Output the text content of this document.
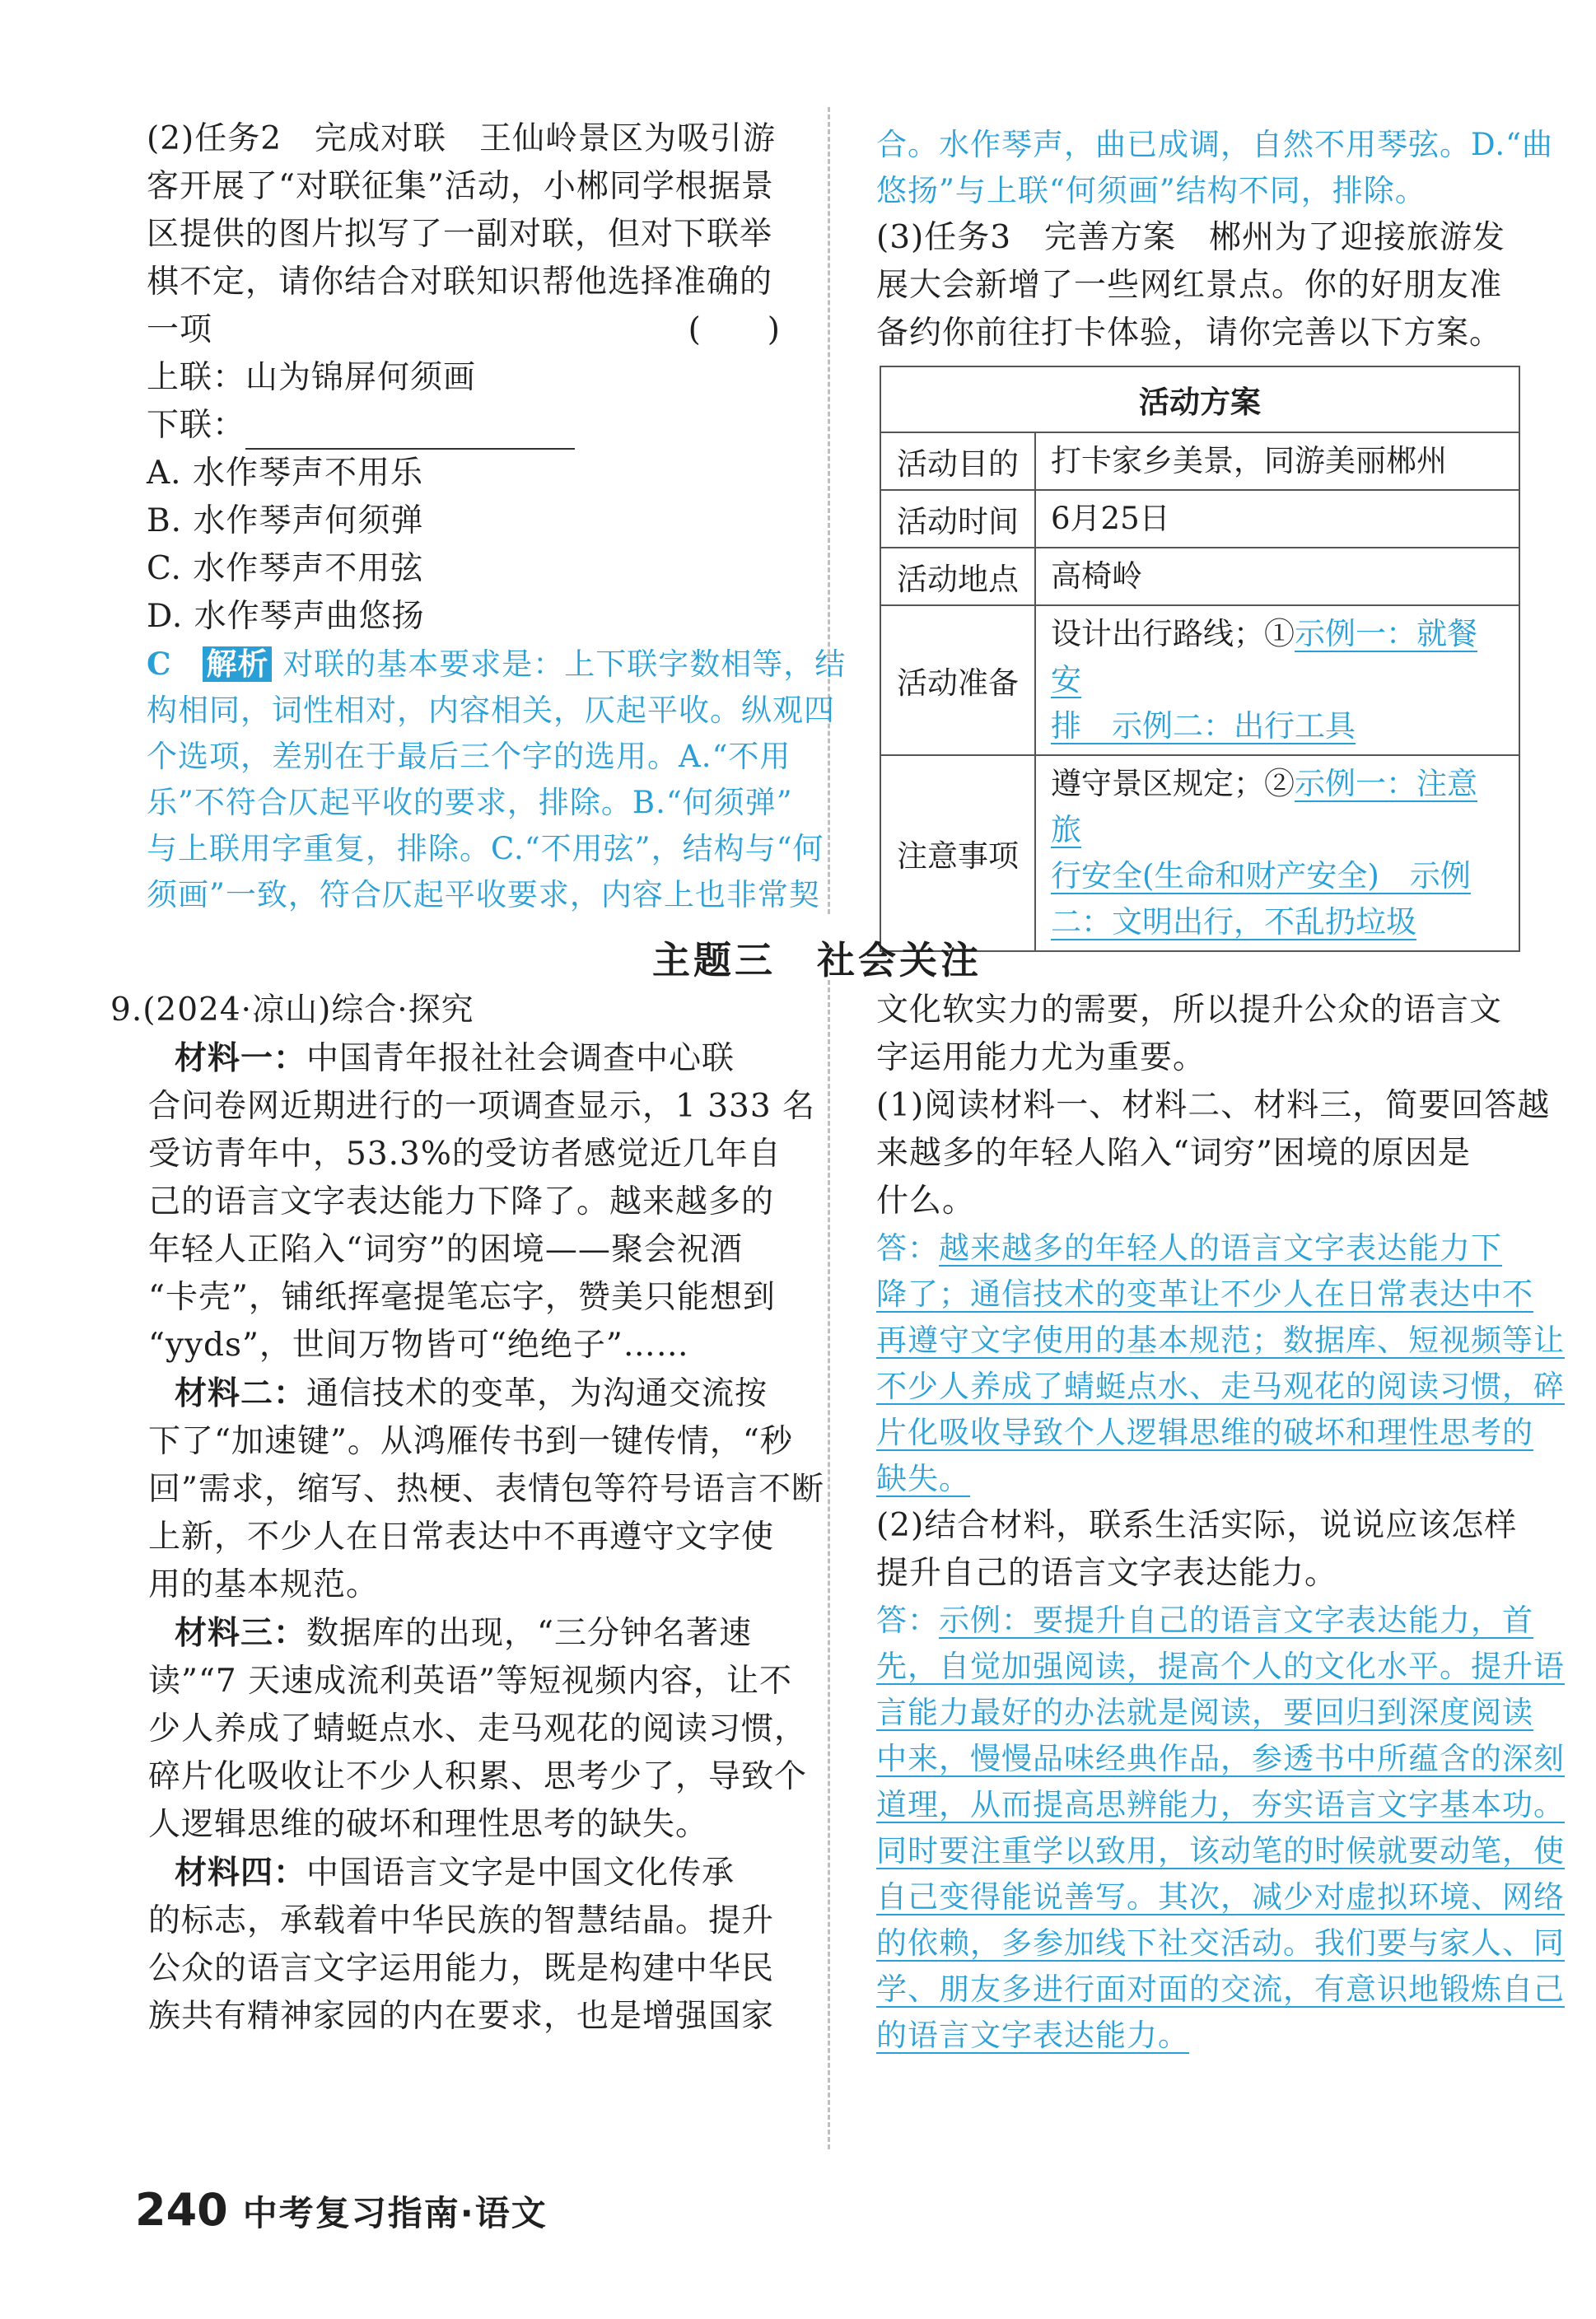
(2)任务2　完成对联　王仙岭景区为吸引游
客开展了“对联征集”活动，小郴同学根据景
区提供的图片拟写了一副对联，但对下联举
棋不定，请你结合对联知识帮他选择准确的
一项	(　　)
上联：山为锦屏何须画
下联：
A. 水作琴声不用乐
B. 水作琴声何须弹
C. 水作琴声不用弦
D. 水作琴声曲悠扬
C　 解析 对联的基本要求是：上下联字数相等，结
构相同，词性相对，内容相关，仄起平收。纵观四
个选项，差别在于最后三个字的选用。A.“不用
乐”不符合仄起平收的要求，排除。B.“何须弹”
与上联用字重复，排除。C.“不用弦”，结构与“何
须画”一致，符合仄起平收要求，内容上也非常契
合。水作琴声，曲已成调，自然不用琴弦。D.“曲
悠扬”与上联“何须画”结构不同，排除。
(3)任务3　完善方案　郴州为了迎接旅游发
展大会新增了一些网红景点。你的好朋友准
备约你前往打卡体验，请你完善以下方案。
活动方案	
活动目的	打卡家乡美景，同游美丽郴州
活动时间	6月25日
活动地点	高椅岭
活动准备	设计出行路线；①示例一：就餐安
排　示例二：出行工具
注意事项	遵守景区规定；②示例一：注意旅
行安全(生命和财产安全)　示例
二：文明出行，不乱扔垃圾
主题三　社会关注
9.(2024·凉山)综合·探究
材料一：中国青年报社社会调查中心联
合问卷网近期进行的一项调查显示，1 333 名
受访青年中，53.3%的受访者感觉近几年自
己的语言文字表达能力下降了。越来越多的
年轻人正陷入“词穷”的困境——聚会祝酒
“卡壳”，铺纸挥毫提笔忘字，赞美只能想到
“yyds”，世间万物皆可“绝绝子”……
材料二：通信技术的变革，为沟通交流按
下了“加速键”。从鸿雁传书到一键传情，“秒
回”需求，缩写、热梗、表情包等符号语言不断
上新，不少人在日常表达中不再遵守文字使
用的基本规范。
材料三：数据库的出现，“三分钟名著速
读”“7 天速成流利英语”等短视频内容，让不
少人养成了蜻蜓点水、走马观花的阅读习惯，
碎片化吸收让不少人积累、思考少了，导致个
人逻辑思维的破坏和理性思考的缺失。
材料四：中国语言文字是中国文化传承
的标志，承载着中华民族的智慧结晶。提升
公众的语言文字运用能力，既是构建中华民
族共有精神家园的内在要求，也是增强国家
文化软实力的需要，所以提升公众的语言文
字运用能力尤为重要。
(1)阅读材料一、材料二、材料三，简要回答越
来越多的年轻人陷入“词穷”困境的原因是
什么。
答：越来越多的年轻人的语言文字表达能力下
降了；通信技术的变革让不少人在日常表达中不
再遵守文字使用的基本规范；数据库、短视频等让
不少人养成了蜻蜓点水、走马观花的阅读习惯，碎
片化吸收导致个人逻辑思维的破坏和理性思考的
缺失。
(2)结合材料，联系生活实际，说说应该怎样
提升自己的语言文字表达能力。
答：示例：要提升自己的语言文字表达能力，首
先，自觉加强阅读，提高个人的文化水平。提升语
言能力最好的办法就是阅读，要回归到深度阅读
中来，慢慢品味经典作品，参透书中所蕴含的深刻
道理，从而提高思辨能力，夯实语言文字基本功。
同时要注重学以致用，该动笔的时候就要动笔，使
自己变得能说善写。其次，减少对虚拟环境、网络
的依赖，多参加线下社交活动。我们要与家人、同
学、朋友多进行面对面的交流，有意识地锻炼自己
的语言文字表达能力。
240 中考复习指南·语文
